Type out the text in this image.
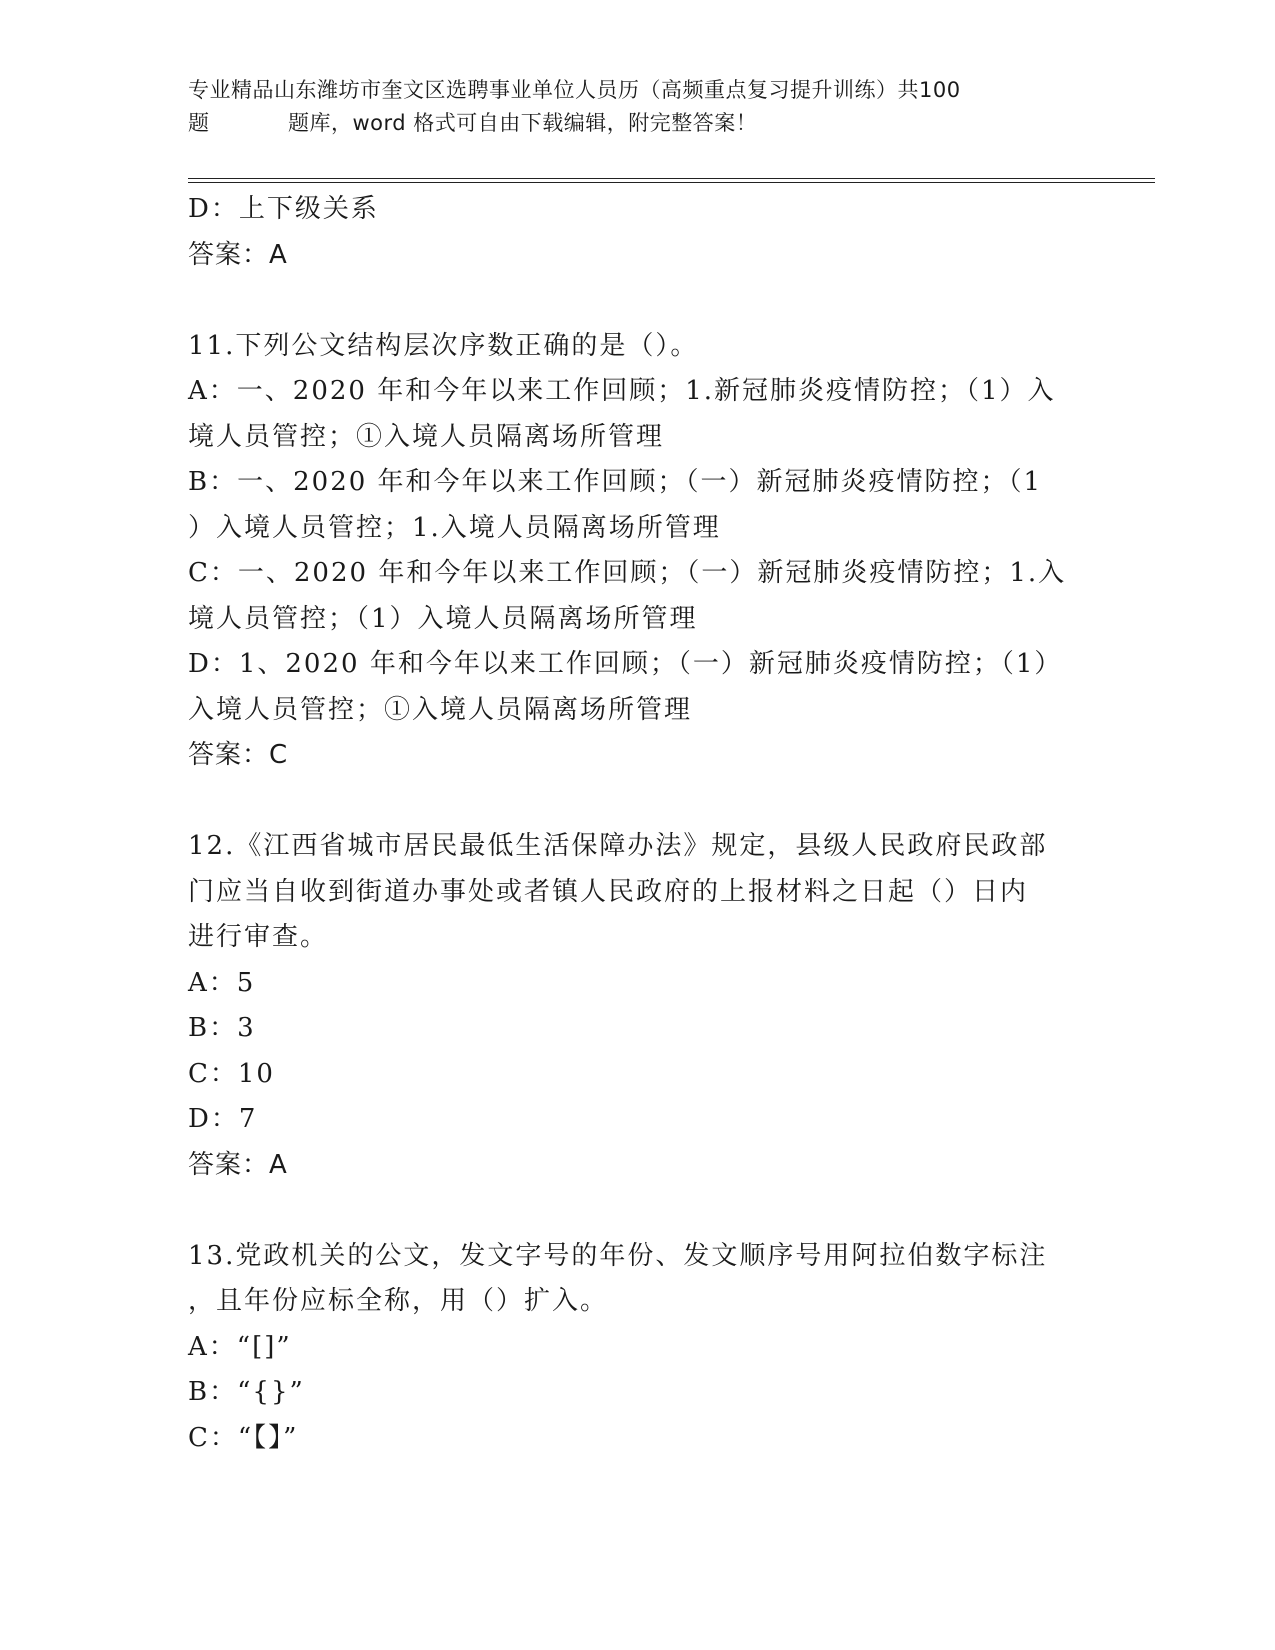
专业精品山东潍坊市奎文区选聘事业单位人员历（高频重点复习提升训练）共100
题	题库，word 格式可自由下载编辑，附完整答案！
D：上下级关系
答案：A
11.下列公文结构层次序数正确的是（）。
A：一、2020 年和今年以来工作回顾；1.新冠肺炎疫情防控；（1）入
境人员管控；①入境人员隔离场所管理
B：一、2020 年和今年以来工作回顾；（一）新冠肺炎疫情防控；（1
）入境人员管控；1.入境人员隔离场所管理
C：一、2020 年和今年以来工作回顾；（一）新冠肺炎疫情防控；1.入
境人员管控；（1）入境人员隔离场所管理
D：1、2020 年和今年以来工作回顾；（一）新冠肺炎疫情防控；（1）
入境人员管控；①入境人员隔离场所管理
答案：C
12.《江西省城市居民最低生活保障办法》规定，县级人民政府民政部
门应当自收到街道办事处或者镇人民政府的上报材料之日起（）日内
进行审查。
A：5
B：3
C：10
D：7
答案：A
13.党政机关的公文，发文字号的年份、发文顺序号用阿拉伯数字标注
，且年份应标全称，用（）扩入。
A：“[]”
B：“{}”
C：“【】”
